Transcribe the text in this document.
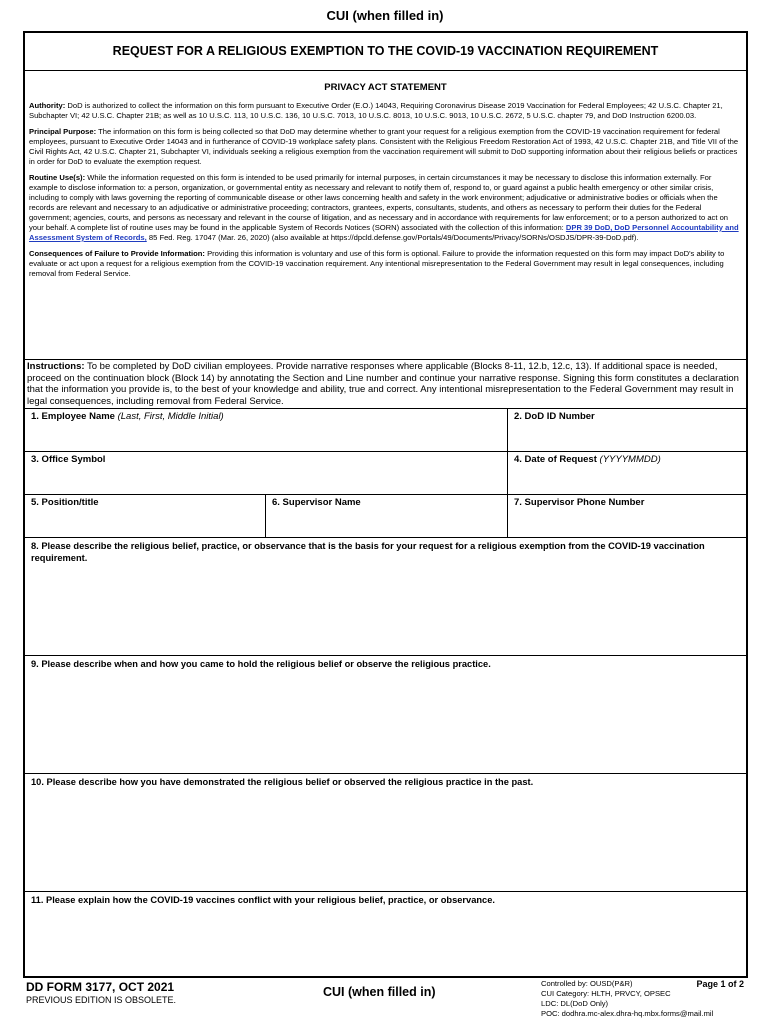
CUI (when filled in)
REQUEST FOR A RELIGIOUS EXEMPTION TO THE COVID-19 VACCINATION REQUIREMENT
PRIVACY ACT STATEMENT

Authority: DoD is authorized to collect the information on this form pursuant to Executive Order (E.O.) 14043, Requiring Coronavirus Disease 2019 Vaccination for Federal Employees; 42 U.S.C. Chapter 21, Subchapter VI; 42 U.S.C. Chapter 21B; as well as 10 U.S.C. 113, 10 U.S.C. 136, 10 U.S.C. 7013, 10 U.S.C. 8013, 10 U.S.C. 9013, 10 U.S.C. 2672, 5 U.S.C. chapter 79, and DoD Instruction 6200.03.

Principal Purpose: The information on this form is being collected so that DoD may determine whether to grant your request for a religious exemption from the COVID-19 vaccination requirement for federal employees, pursuant to Executive Order 14043 and in furtherance of COVID-19 workplace safety plans. Consistent with the Religious Freedom Restoration Act of 1993, 42 U.S.C. Chapter 21B, and Title VII of the Civil Rights Act, 42 U.S.C. Chapter 21, Subchapter VI, individuals seeking a religious exemption from the vaccination requirement will submit to DoD supporting information about their religious beliefs or practices in order for DoD to evaluate the exemption request.

Routine Use(s): While the information requested on this form is intended to be used primarily for internal purposes, in certain circumstances it may be necessary to disclose this information externally. For example to disclose information to: a person, organization, or governmental entity as necessary and relevant to notify them of, respond to, or guard against a public health emergency or other similar crisis, including to comply with laws governing the reporting of communicable disease or other laws concerning health and safety in the work environment; adjudicative or administrative bodies or officials when the records are relevant and necessary to an adjudicative or administrative proceeding; contractors, grantees, experts, consultants, students, and others as necessary to perform their duties for the Federal government; agencies, courts, and persons as necessary and relevant in the course of litigation, and as necessary and in accordance with requirements for law enforcement; or to a person authorized to act on your behalf. A complete list of routine uses may be found in the applicable System of Records Notices (SORN) associated with the collection of this information: DPR 39 DoD, DoD Personnel Accountability and Assessment System of Records, 85 Fed. Reg. 17047 (Mar. 26, 2020) (also available at https://dpcld.defense.gov/Portals/49/Documents/Privacy/SORNs/OSDJS/DPR-39-DoD.pdf).

Consequences of Failure to Provide Information: Providing this information is voluntary and use of this form is optional. Failure to provide the information requested on this form may impact DoD's ability to evaluate or act upon a request for a religious exemption from the COVID-19 vaccination requirement. Any intentional misrepresentation to the Federal Government may result in legal consequences, including removal from Federal Service.

Instructions: To be completed by DoD civilian employees. Provide narrative responses where applicable (Blocks 8-11, 12.b, 12.c, 13). If additional space is needed, proceed on the continuation block (Block 14) by annotating the Section and Line number and continue your narrative response. Signing this form constitutes a declaration that the information you provide is, to the best of your knowledge and ability, true and correct. Any intentional misrepresentation to the Federal Government may result in legal consequences, including removal from Federal Service.
1. Employee Name (Last, First, Middle Initial)	2. DoD ID Number
3. Office Symbol	4. Date of Request (YYYYMMDD)
5. Position/title	6. Supervisor Name	7. Supervisor Phone Number
8. Please describe the religious belief, practice, or observance that is the basis for your request for a religious exemption from the COVID-19 vaccination requirement.
9. Please describe when and how you came to hold the religious belief or observe the religious practice.
10. Please describe how you have demonstrated the religious belief or observed the religious practice in the past.
11. Please explain how the COVID-19 vaccines conflict with your religious belief, practice, or observance.
DD FORM 3177, OCT 2021
PREVIOUS EDITION IS OBSOLETE.
CUI (when filled in)
Controlled by: OUSD(P&R)
CUI Category: HLTH, PRVCY, OPSEC
LDC: DL(DoD Only)
POC: dodhra.mc-alex.dhra-hq.mbx.forms@mail.mil
Page 1 of 2
